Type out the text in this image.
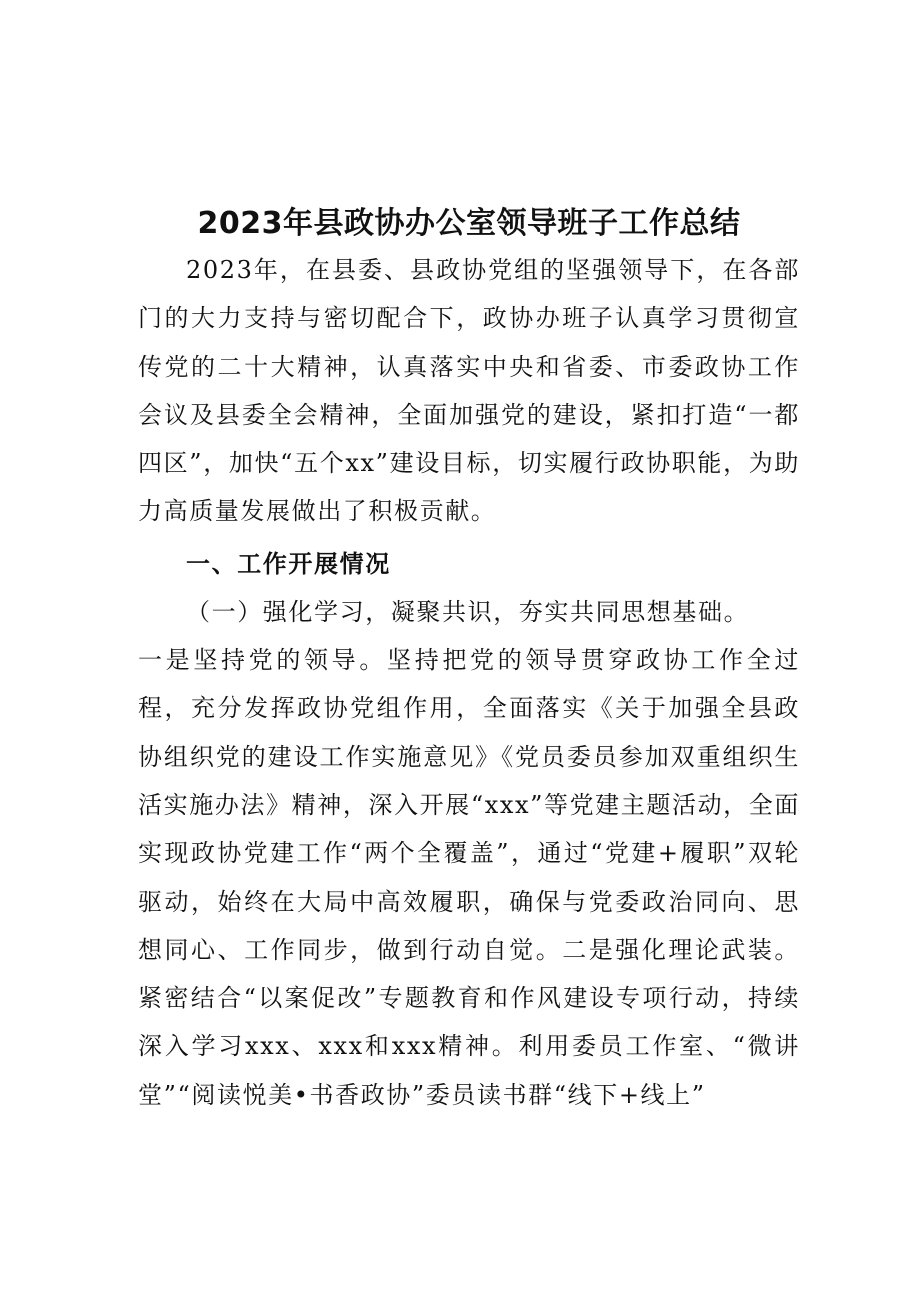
2023年县政协办公室领导班子工作总结

2023年，在县委、县政协党组的坚强领导下，在各部门的大力支持与密切配合下，政协办班子认真学习贯彻宣传党的二十大精神，认真落实中央和省委、市委政协工作会议及县委全会精神，全面加强党的建设，紧扣打造“一都四区”，加快“五个xx”建设目标，切实履行政协职能，为助力高质量发展做出了积极贡献。

一、工作开展情况

（一）强化学习，凝聚共识，夯实共同思想基础。

一是坚持党的领导。坚持把党的领导贯穿政协工作全过程，充分发挥政协党组作用，全面落实《关于加强全县政协组织党的建设工作实施意见》《党员委员参加双重组织生活实施办法》精神，深入开展“xxx”等党建主题活动，全面实现政协党建工作“两个全覆盖”，通过“党建+履职”双轮驱动，始终在大局中高效履职，确保与党委政治同向、思想同心、工作同步，做到行动自觉。二是强化理论武装。紧密结合“以案促改”专题教育和作风建设专项行动，持续深入学习xxx、xxx和xxx精神。利用委员工作室、“微讲堂”“阅读悦美•书香政协”委员读书群“线下+线上”
